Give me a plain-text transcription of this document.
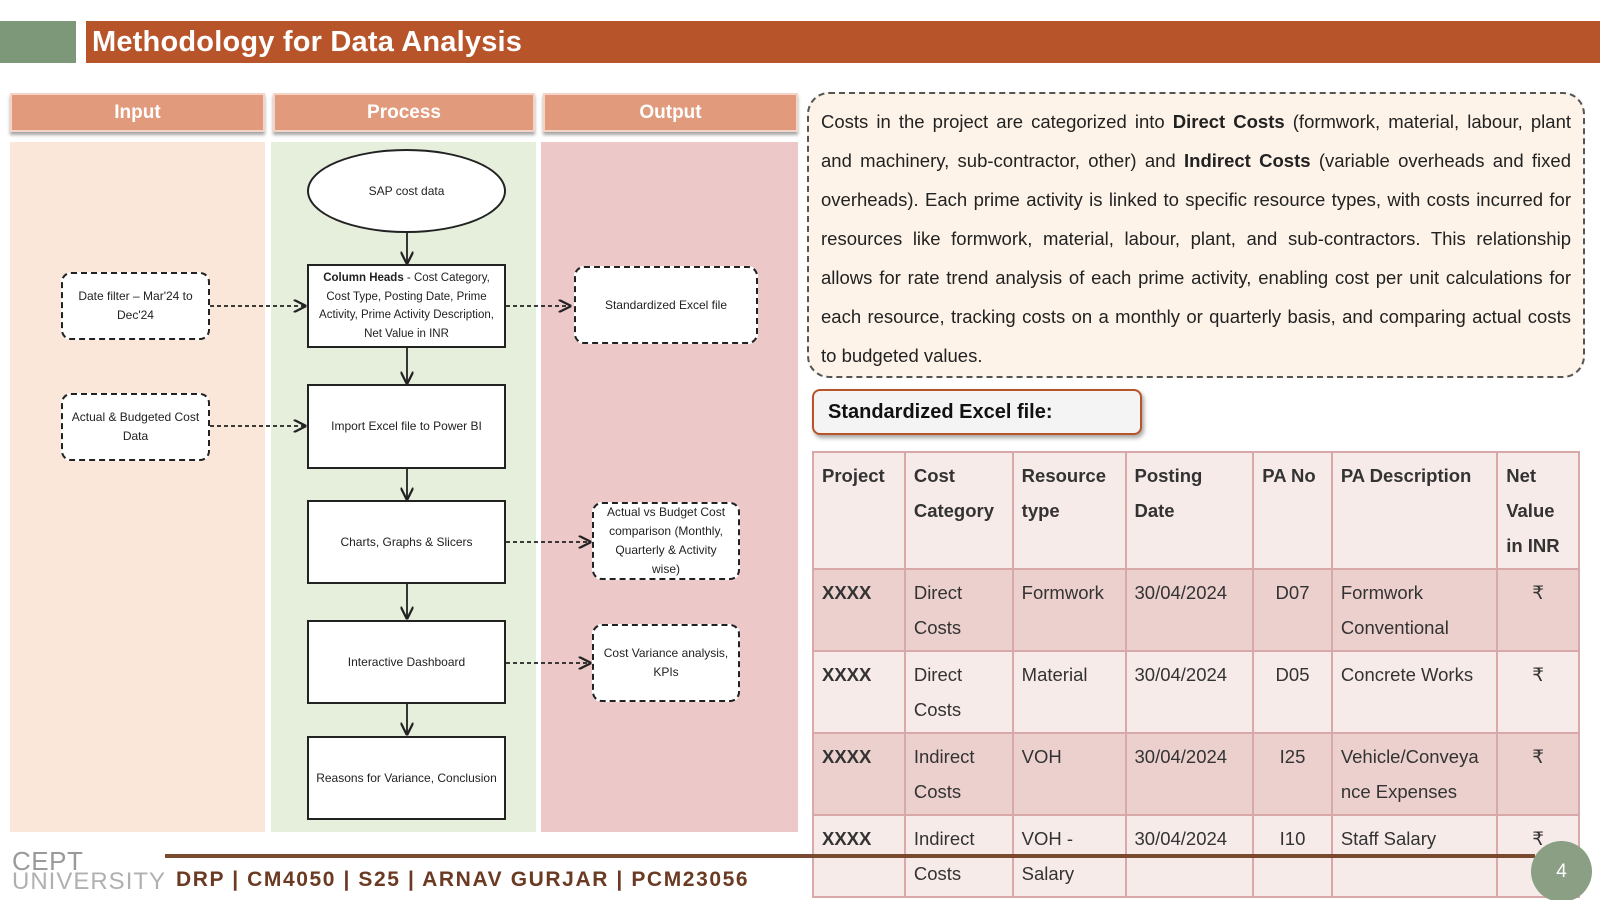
Methodology for Data Analysis
Input	Process	Output
Date filter – Mar'24 to Dec'24
Actual & Budgeted Cost Data
SAP cost data
Column Heads - Cost Category, Cost Type, Posting Date, Prime Activity, Prime Activity Description, Net Value in INR
Import Excel file to Power BI
Charts, Graphs & Slicers
Interactive Dashboard
Reasons for Variance, Conclusion
Standardized Excel file
Actual vs Budget Cost comparison (Monthly, Quarterly & Activity wise)
Cost Variance analysis, KPIs

Costs in the project are categorized into Direct Costs (formwork, material, labour, plant and machinery, sub-contractor, other) and Indirect Costs (variable overheads and fixed overheads). Each prime activity is linked to specific resource types, with costs incurred for resources like formwork, material, labour, plant, and sub-contractors. This relationship allows for rate trend analysis of each prime activity, enabling cost per unit calculations for each resource, tracking costs on a monthly or quarterly basis, and comparing actual costs to budgeted values.

Standardized Excel file:
Project	Cost Category	Resource type	Posting Date	PA No	PA Description	Net Value in INR
XXXX	Direct Costs	Formwork	30/04/2024	D07	Formwork Conventional	₹
XXXX	Direct Costs	Material	30/04/2024	D05	Concrete Works	₹
XXXX	Indirect Costs	VOH	30/04/2024	I25	Vehicle/Conveyance Expenses	₹
XXXX	Indirect Costs	VOH - Salary	30/04/2024	I10	Staff Salary	₹
CEPT
UNIVERSITY DRP | CM4050 | S25 | ARNAV GURJAR | PCM23056	4
